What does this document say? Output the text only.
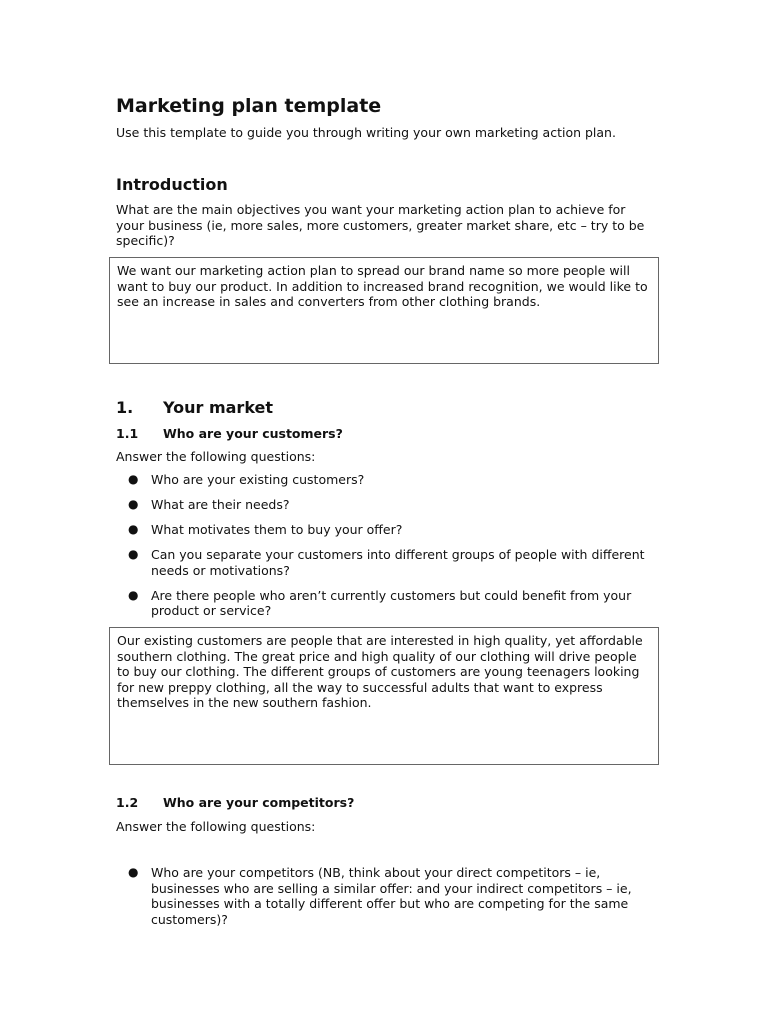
Marketing plan template

Use this template to guide you through writing your own marketing action plan.

Introduction

What are the main objectives you want your marketing action plan to achieve for your business (ie, more sales, more customers, greater market share, etc – try to be specific)?

We want our marketing action plan to spread our brand name so more people will want to buy our product. In addition to increased brand recognition, we would like to see an increase in sales and converters from other clothing brands.
1. Your market
1.1 Who are your customers?

Answer the following questions:

● Who are your existing customers?
● What are their needs?
● What motivates them to buy your offer?
● Can you separate your customers into different groups of people with different needs or motivations?
● Are there people who aren’t currently customers but could benefit from your product or service?
Our existing customers are people that are interested in high quality, yet affordable southern clothing. The great price and high quality of our clothing will drive people to buy our clothing. The different groups of customers are young teenagers looking for new preppy clothing, all the way to successful adults that want to express themselves in the new southern fashion.
1.2 Who are your competitors?

Answer the following questions:

● Who are your competitors (NB, think about your direct competitors – ie, businesses who are selling a similar offer: and your indirect competitors – ie, businesses with a totally different offer but who are competing for the same customers)?
